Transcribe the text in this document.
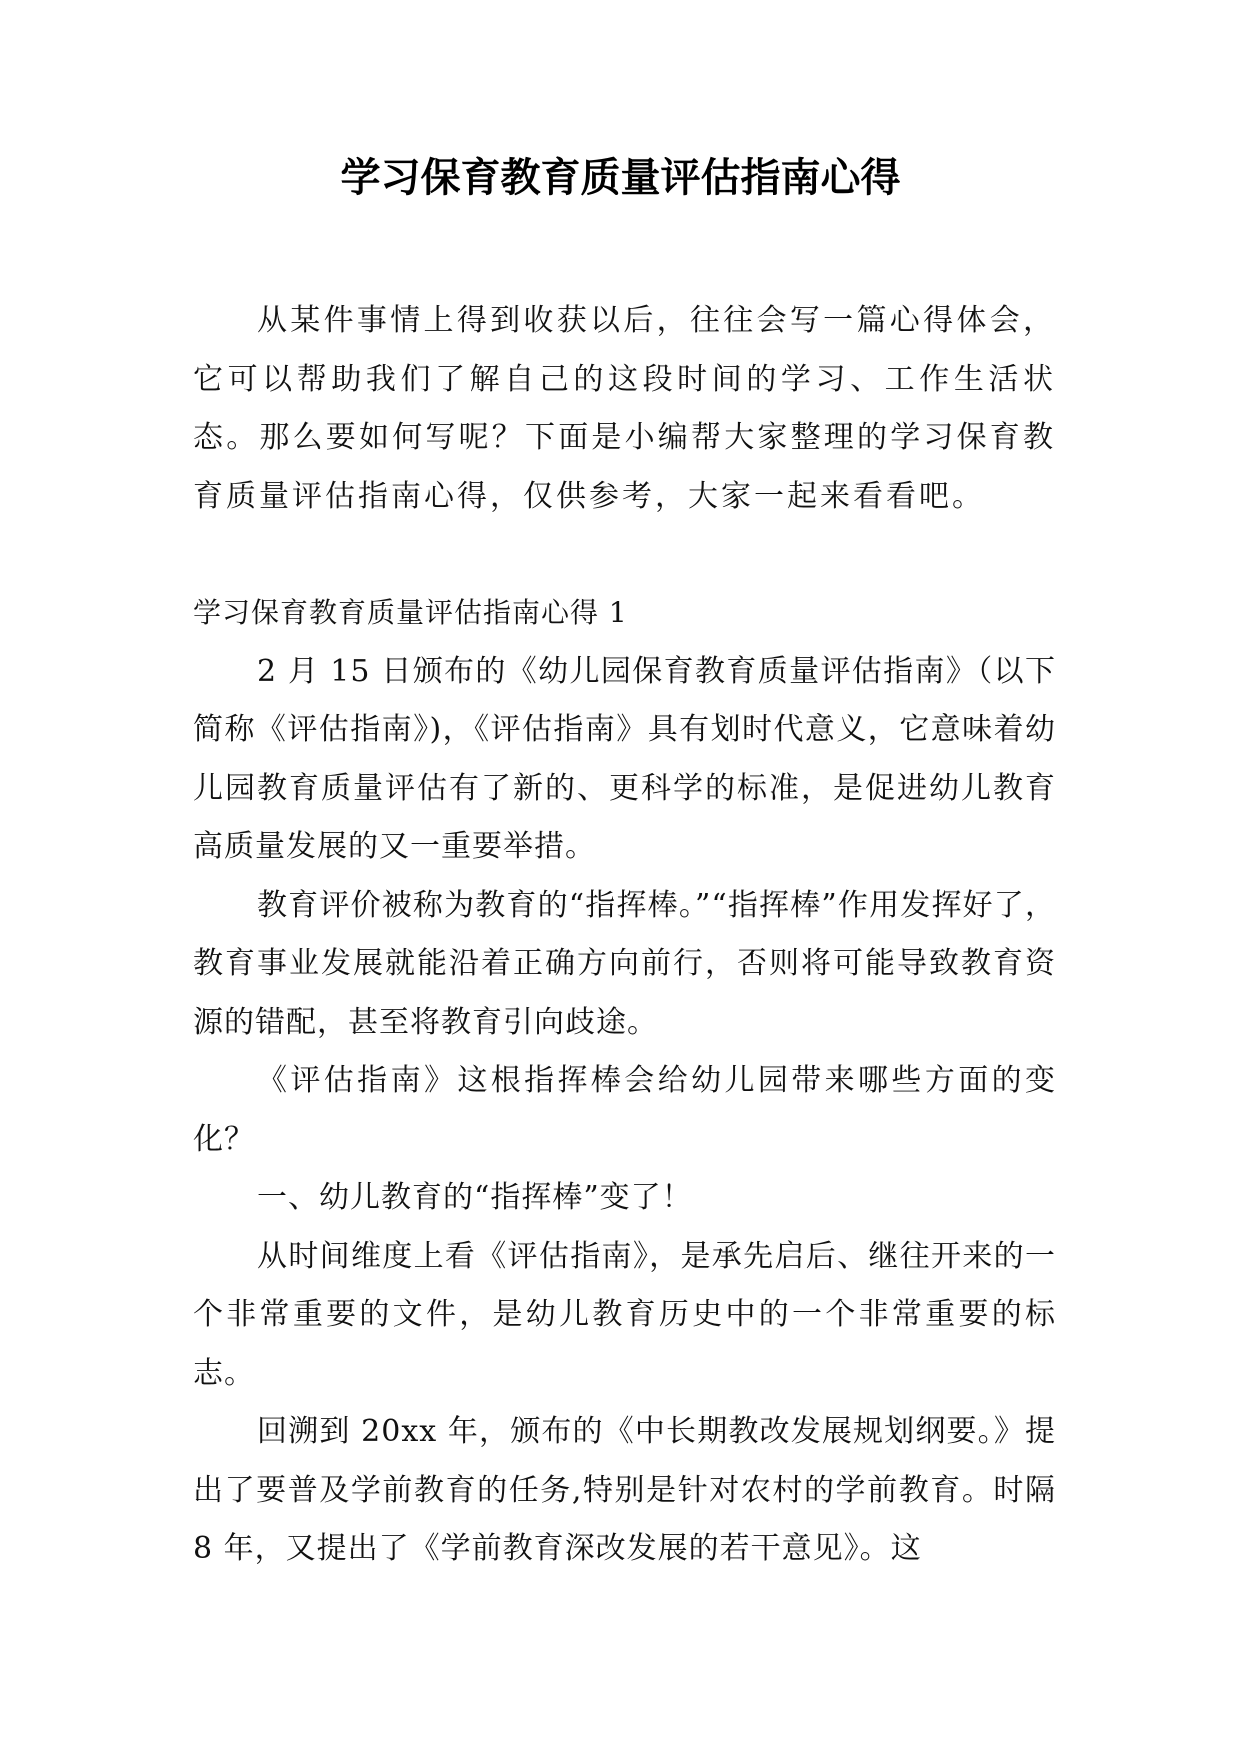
学习保育教育质量评估指南心得

从某件事情上得到收获以后，往往会写一篇心得体会，它可以帮助我们了解自己的这段时间的学习、工作生活状态。那么要如何写呢？下面是小编帮大家整理的学习保育教育质量评估指南心得，仅供参考，大家一起来看看吧。

学习保育教育质量评估指南心得 1

2 月 15 日颁布的《幼儿园保育教育质量评估指南》（以下简称《评估指南》)，《评估指南》具有划时代意义，它意味着幼儿园教育质量评估有了新的、更科学的标准，是促进幼儿教育高质量发展的又一重要举措。

教育评价被称为教育的“指挥棒。”“指挥棒”作用发挥好了，教育事业发展就能沿着正确方向前行，否则将可能导致教育资源的错配，甚至将教育引向歧途。

《评估指南》这根指挥棒会给幼儿园带来哪些方面的变化？

一、幼儿教育的“指挥棒”变了！

从时间维度上看《评估指南》，是承先启后、继往开来的一个非常重要的文件，是幼儿教育历史中的一个非常重要的标志。

回溯到 20xx 年，颁布的《中长期教改发展规划纲要。》提出了要普及学前教育的任务,特别是针对农村的学前教育。时隔 8 年，又提出了《学前教育深改发展的若干意见》。这
